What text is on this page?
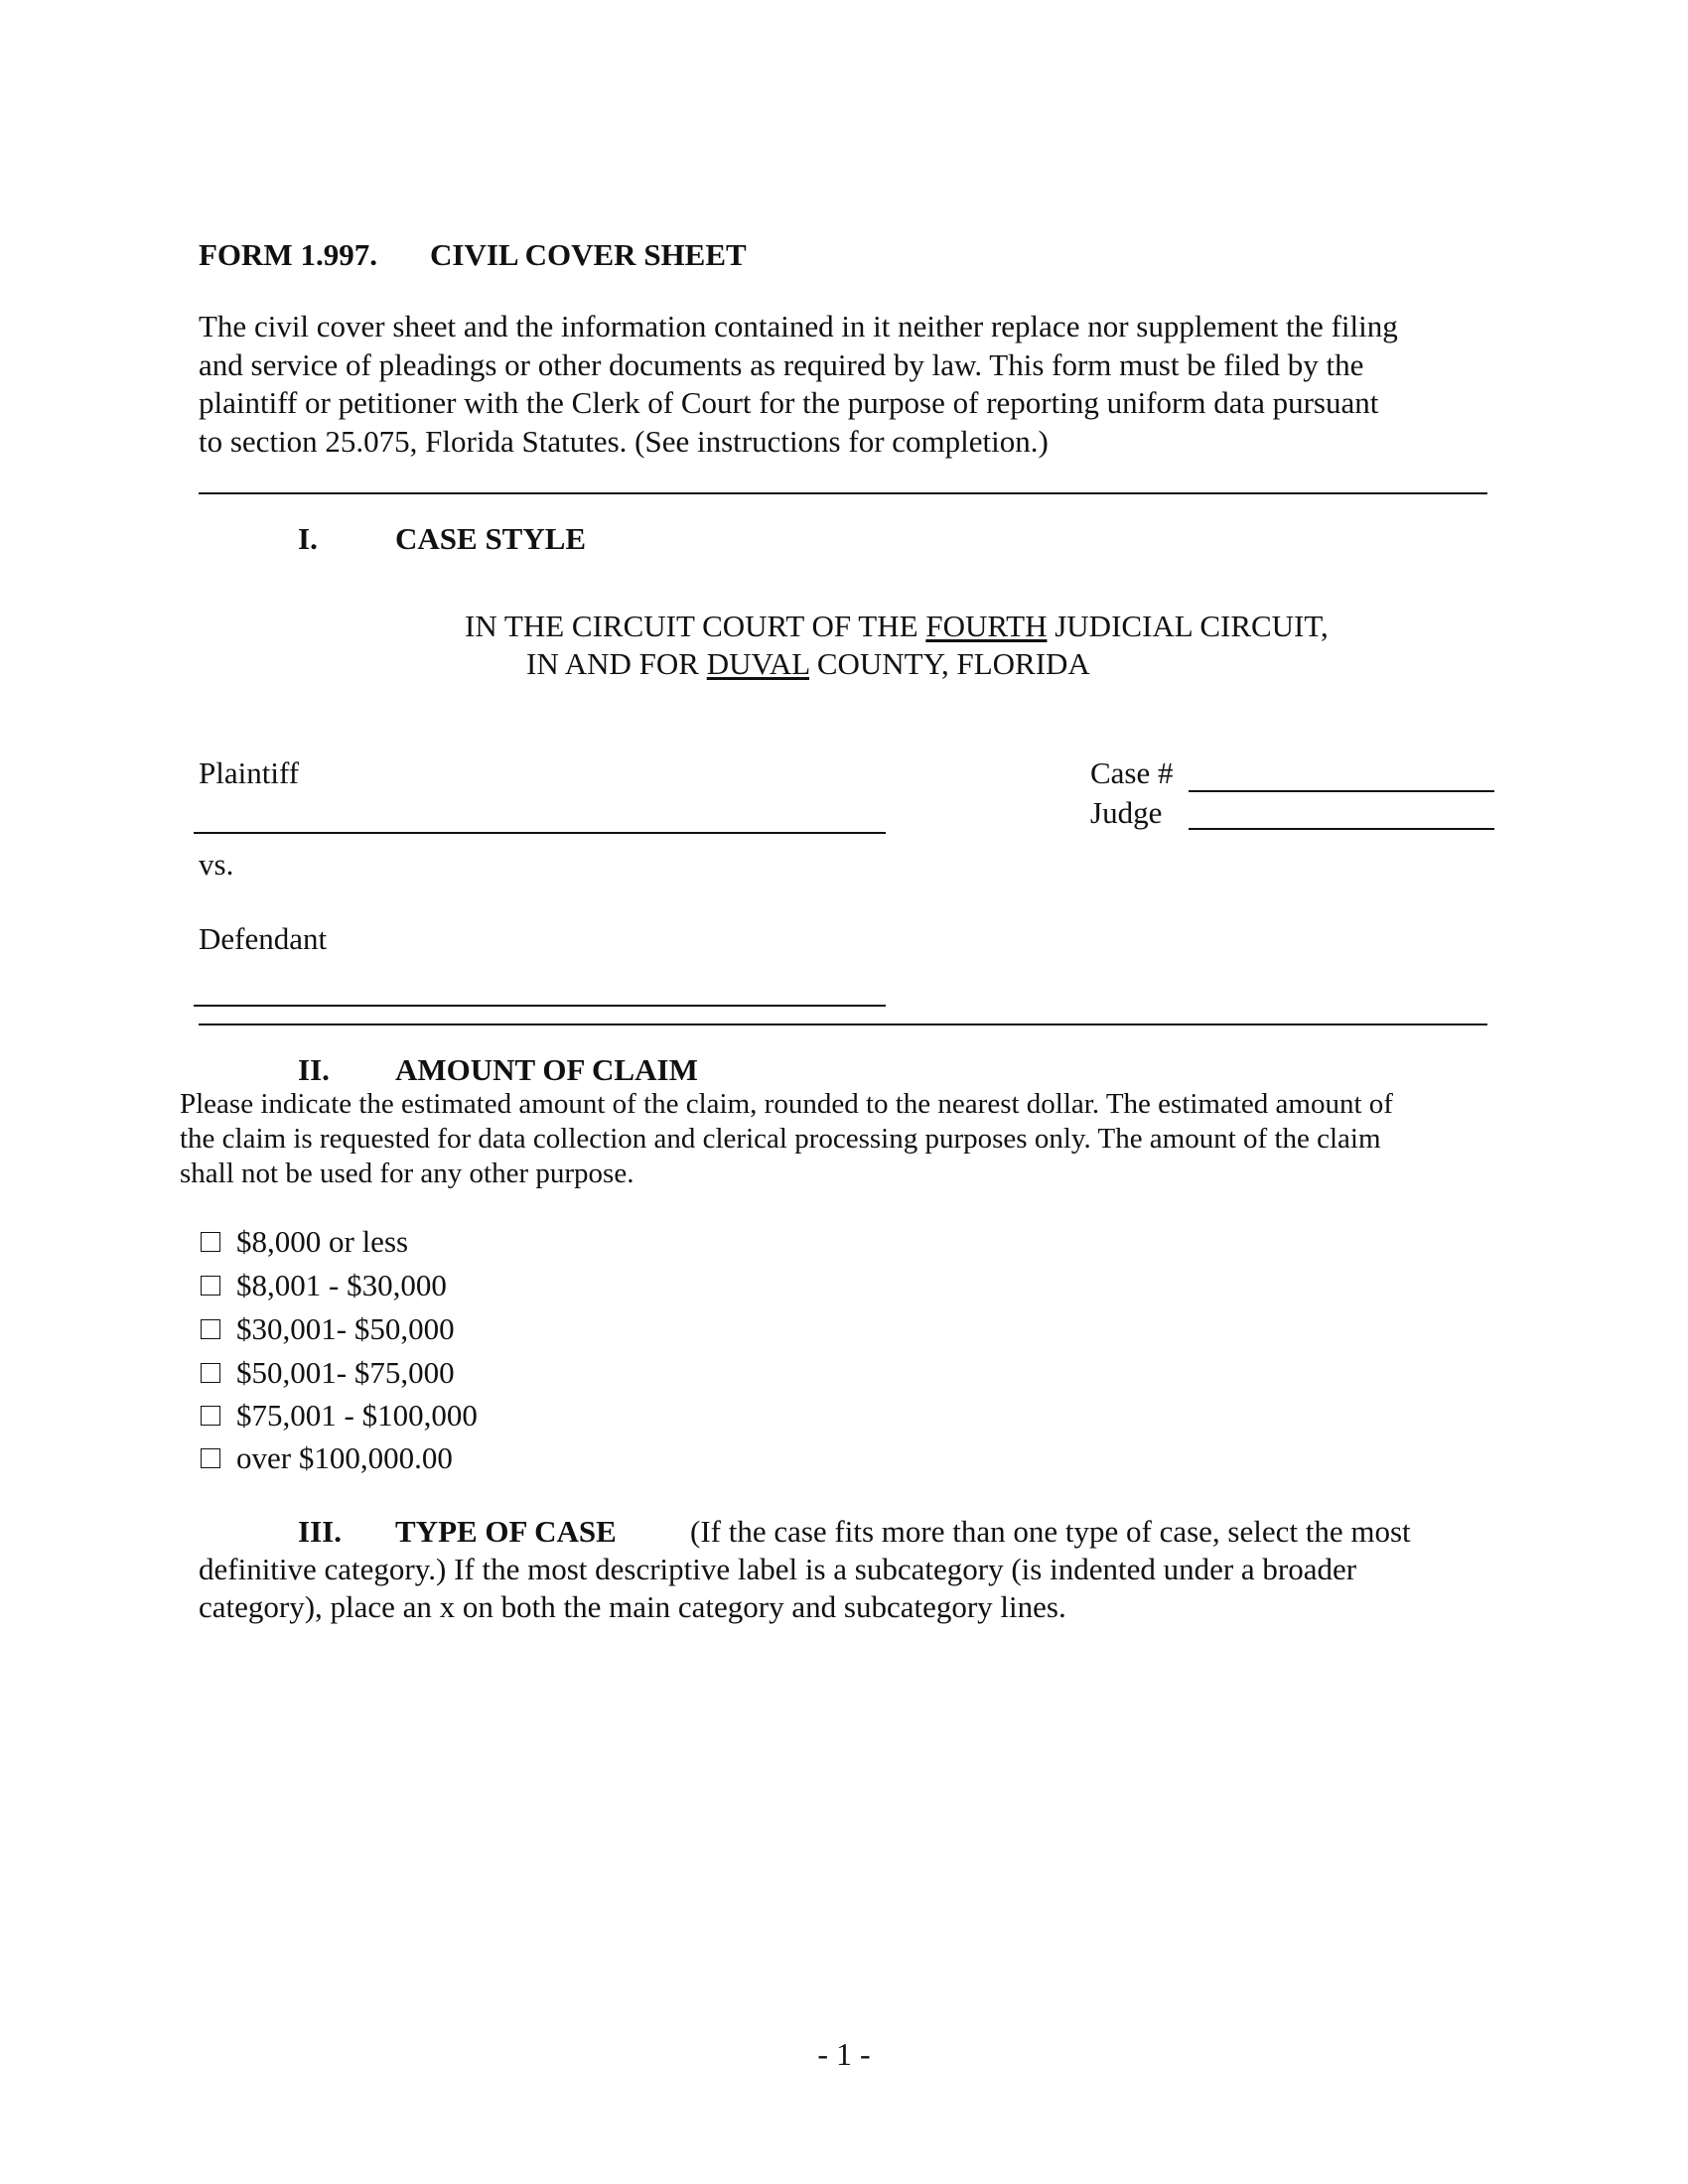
FORM 1.997. CIVIL COVER SHEET
The civil cover sheet and the information contained in it neither replace nor supplement the filing
and service of pleadings or other documents as required by law. This form must be filed by the
plaintiff or petitioner with the Clerk of Court for the purpose of reporting uniform data pursuant
to section 25.075, Florida Statutes. (See instructions for completion.)
I.	CASE STYLE
IN THE CIRCUIT COURT OF THE FOURTH JUDICIAL CIRCUIT,
IN AND FOR DUVAL COUNTY, FLORIDA
Plaintiff	Case #
Judge
vs.
Defendant
II. AMOUNT OF CLAIM
Please indicate the estimated amount of the claim, rounded to the nearest dollar. The estimated amount of
the claim is requested for data collection and clerical processing purposes only. The amount of the claim
shall not be used for any other purpose.
$8,000 or less
$8,001 - $30,000
$30,001- $50,000
$50,001- $75,000
$75,001 - $100,000
over $100,000.00
III. TYPE OF CASE (If the case fits more than one type of case, select the most
definitive category.) If the most descriptive label is a subcategory (is indented under a broader
category), place an x on both the main category and subcategory lines.
- 1 -
